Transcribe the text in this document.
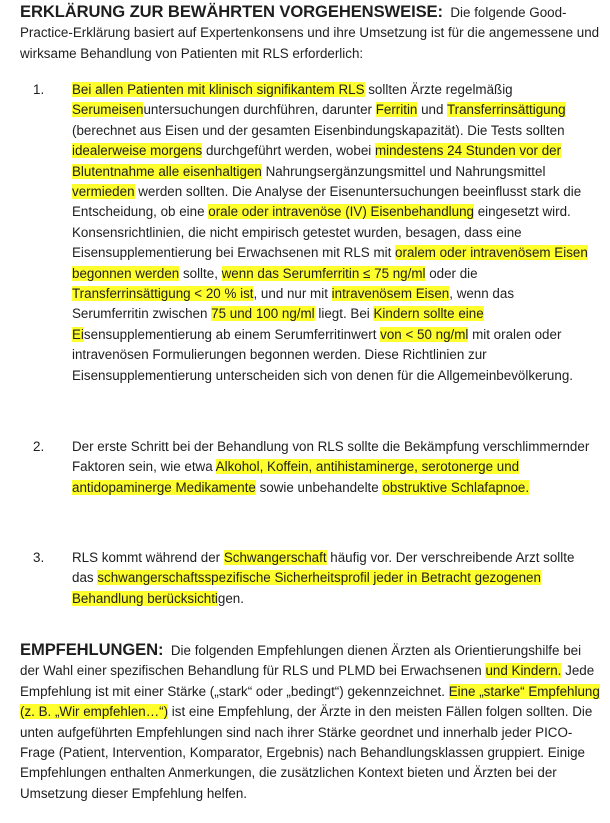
ERKLÄRUNG ZUR BEWÄHRTEN VORGEHENSWEISE: Die folgende Good-Practice-Erklärung basiert auf Expertenkonsens und ihre Umsetzung ist für die angemessene und wirksame Behandlung von Patienten mit RLS erforderlich:
1.	Bei allen Patienten mit klinisch signifikantem RLS sollten Ärzte regelmäßig Serumeisenuntersuchungen durchführen, darunter Ferritin und Transferrinsättigung (berechnet aus Eisen und der gesamten Eisenbindungskapazität). Die Tests sollten idealerweise morgens durchgeführt werden, wobei mindestens 24 Stunden vor der Blutentnahme alle eisenhaltigen Nahrungsergänzungsmittel und Nahrungsmittel vermieden werden sollten. Die Analyse der Eisenuntersuchungen beeinflusst stark die Entscheidung, ob eine orale oder intravenöse (IV) Eisenbehandlung eingesetzt wird. Konsensrichtlinien, die nicht empirisch getestet wurden, besagen, dass eine Eisensupplementierung bei Erwachsenen mit RLS mit oralem oder intravenösem Eisen begonnen werden sollte, wenn das Serumferritin ≤ 75 ng/ml oder die Transferrinsättigung < 20 % ist, und nur mit intravenösem Eisen, wenn das Serumferritin zwischen 75 und 100 ng/ml liegt. Bei Kindern sollte eine Eisensupplementierung ab einem Serumferritinwert von < 50 ng/ml mit oralen oder intravenösen Formulierungen begonnen werden. Diese Richtlinien zur Eisensupplementierung unterscheiden sich von denen für die Allgemeinbevölkerung.
2.	Der erste Schritt bei der Behandlung von RLS sollte die Bekämpfung verschlimmernder Faktoren sein, wie etwa Alkohol, Koffein, antihistaminerge, serotonerge und antidopaminerge Medikamente sowie unbehandelte obstruktive Schlafapnoe.
3.	RLS kommt während der Schwangerschaft häufig vor. Der verschreibende Arzt sollte das schwangerschaftsspezifische Sicherheitsprofil jeder in Betracht gezogenen Behandlung berücksichtigen.
EMPFEHLUNGEN: Die folgenden Empfehlungen dienen Ärzten als Orientierungshilfe bei der Wahl einer spezifischen Behandlung für RLS und PLMD bei Erwachsenen und Kindern. Jede Empfehlung ist mit einer Stärke („stark“ oder „bedingt“) gekennzeichnet. Eine „starke“ Empfehlung (z. B. „Wir empfehlen…“) ist eine Empfehlung, der Ärzte in den meisten Fällen folgen sollten. Die unten aufgeführten Empfehlungen sind nach ihrer Stärke geordnet und innerhalb jeder PICO-Frage (Patient, Intervention, Komparator, Ergebnis) nach Behandlungsklassen gruppiert. Einige Empfehlungen enthalten Anmerkungen, die zusätzlichen Kontext bieten und Ärzten bei der Umsetzung dieser Empfehlung helfen.
